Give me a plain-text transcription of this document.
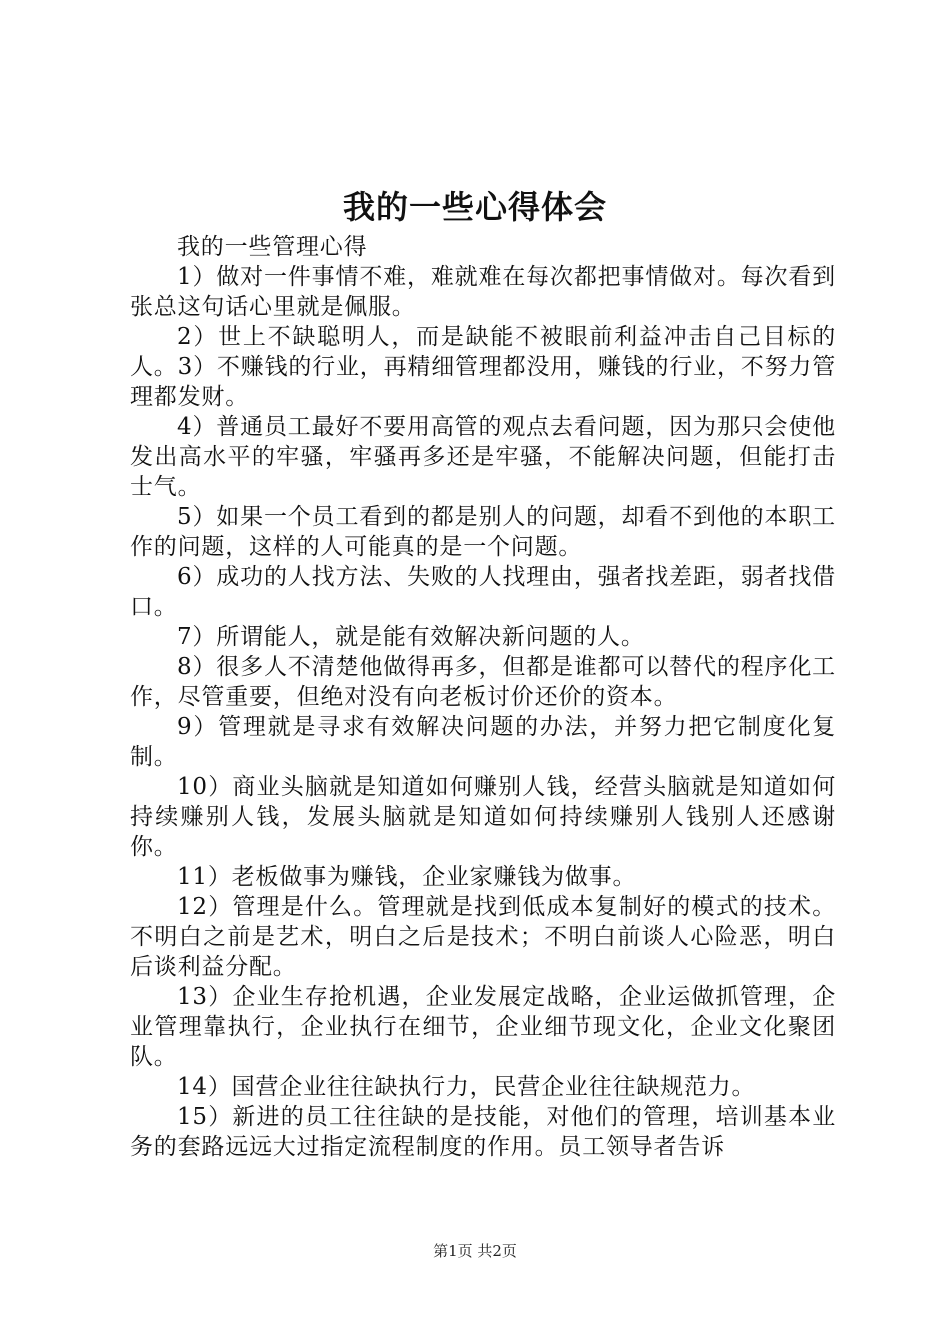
我的一些心得体会

我的一些管理心得

1）做对一件事情不难，难就难在每次都把事情做对。每次看到张总这句话心里就是佩服。

2）世上不缺聪明人，而是缺能不被眼前利益冲击自己目标的人。3）不赚钱的行业，再精细管理都没用，赚钱的行业，不努力管理都发财。

4）普通员工最好不要用高管的观点去看问题，因为那只会使他发出高水平的牢骚，牢骚再多还是牢骚，不能解决问题，但能打击士气。

5）如果一个员工看到的都是别人的问题，却看不到他的本职工作的问题，这样的人可能真的是一个问题。

6）成功的人找方法、失败的人找理由，强者找差距，弱者找借口。

7）所谓能人，就是能有效解决新问题的人。

8）很多人不清楚他做得再多，但都是谁都可以替代的程序化工作，尽管重要，但绝对没有向老板讨价还价的资本。

9）管理就是寻求有效解决问题的办法，并努力把它制度化复制。

10）商业头脑就是知道如何赚别人钱，经营头脑就是知道如何持续赚别人钱，发展头脑就是知道如何持续赚别人钱别人还感谢你。

11）老板做事为赚钱，企业家赚钱为做事。

12）管理是什么。管理就是找到低成本复制好的模式的技术。不明白之前是艺术，明白之后是技术；不明白前谈人心险恶，明白后谈利益分配。

13）企业生存抢机遇，企业发展定战略，企业运做抓管理，企业管理靠执行，企业执行在细节，企业细节现文化，企业文化聚团队。

14）国营企业往往缺执行力，民营企业往往缺规范力。

15）新进的员工往往缺的是技能，对他们的管理，培训基本业务的套路远远大过指定流程制度的作用。员工领导者告诉

第1页 共2页
